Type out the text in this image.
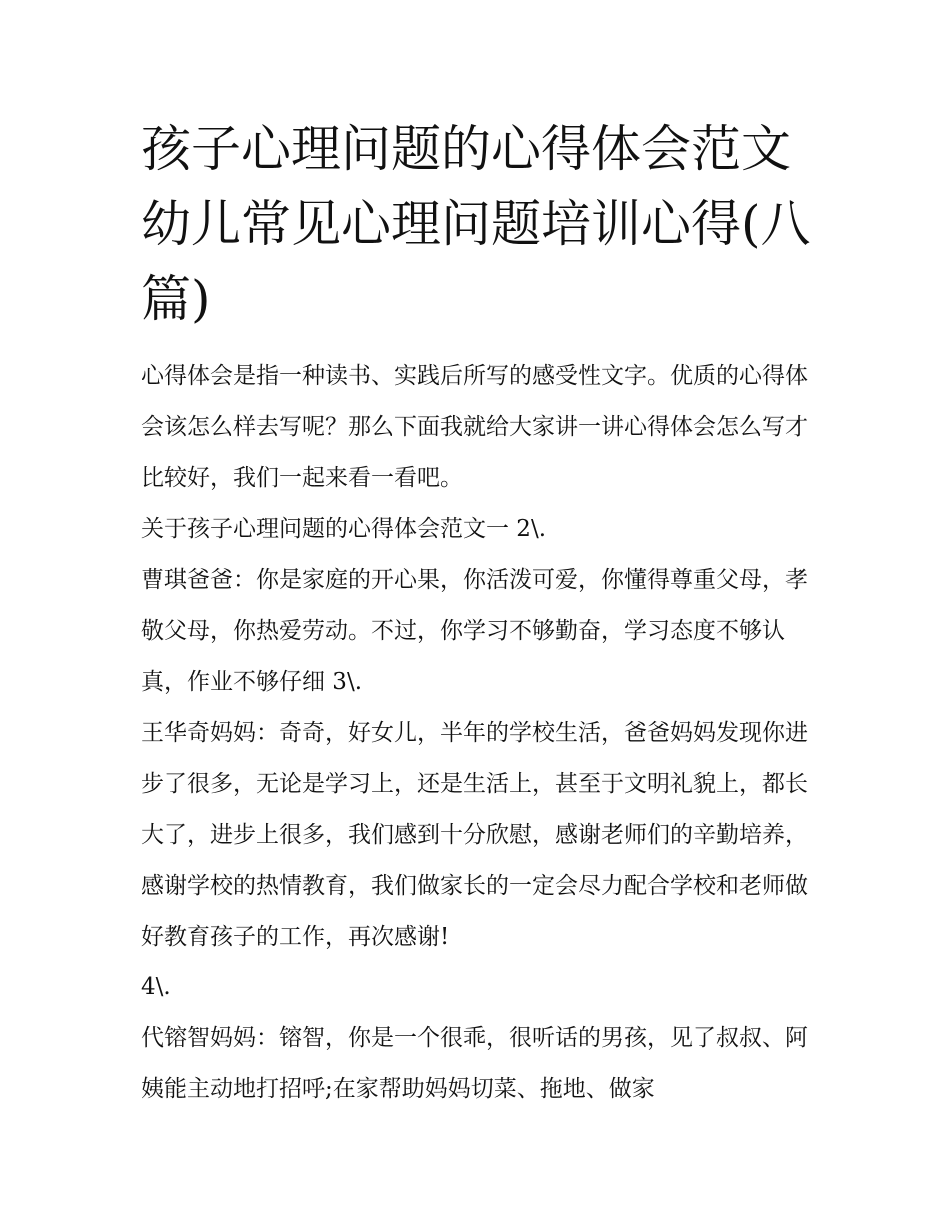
孩子心理问题的心得体会范文幼儿常见心理问题培训心得(八篇)

心得体会是指一种读书、实践后所写的感受性文字。优质的心得体会该怎么样去写呢？那么下面我就给大家讲一讲心得体会怎么写才比较好，我们一起来看一看吧。

关于孩子心理问题的心得体会范文一 2\.

曹琪爸爸：你是家庭的开心果，你活泼可爱，你懂得尊重父母，孝敬父母，你热爱劳动。不过，你学习不够勤奋，学习态度不够认真，作业不够仔细 3\.

王华奇妈妈：奇奇，好女儿，半年的学校生活，爸爸妈妈发现你进步了很多，无论是学习上，还是生活上，甚至于文明礼貌上，都长大了，进步上很多，我们感到十分欣慰，感谢老师们的辛勤培养，感谢学校的热情教育，我们做家长的一定会尽力配合学校和老师做好教育孩子的工作，再次感谢!

4\.

代镕智妈妈：镕智，你是一个很乖，很听话的男孩，见了叔叔、阿姨能主动地打招呼;在家帮助妈妈切菜、拖地、做家
